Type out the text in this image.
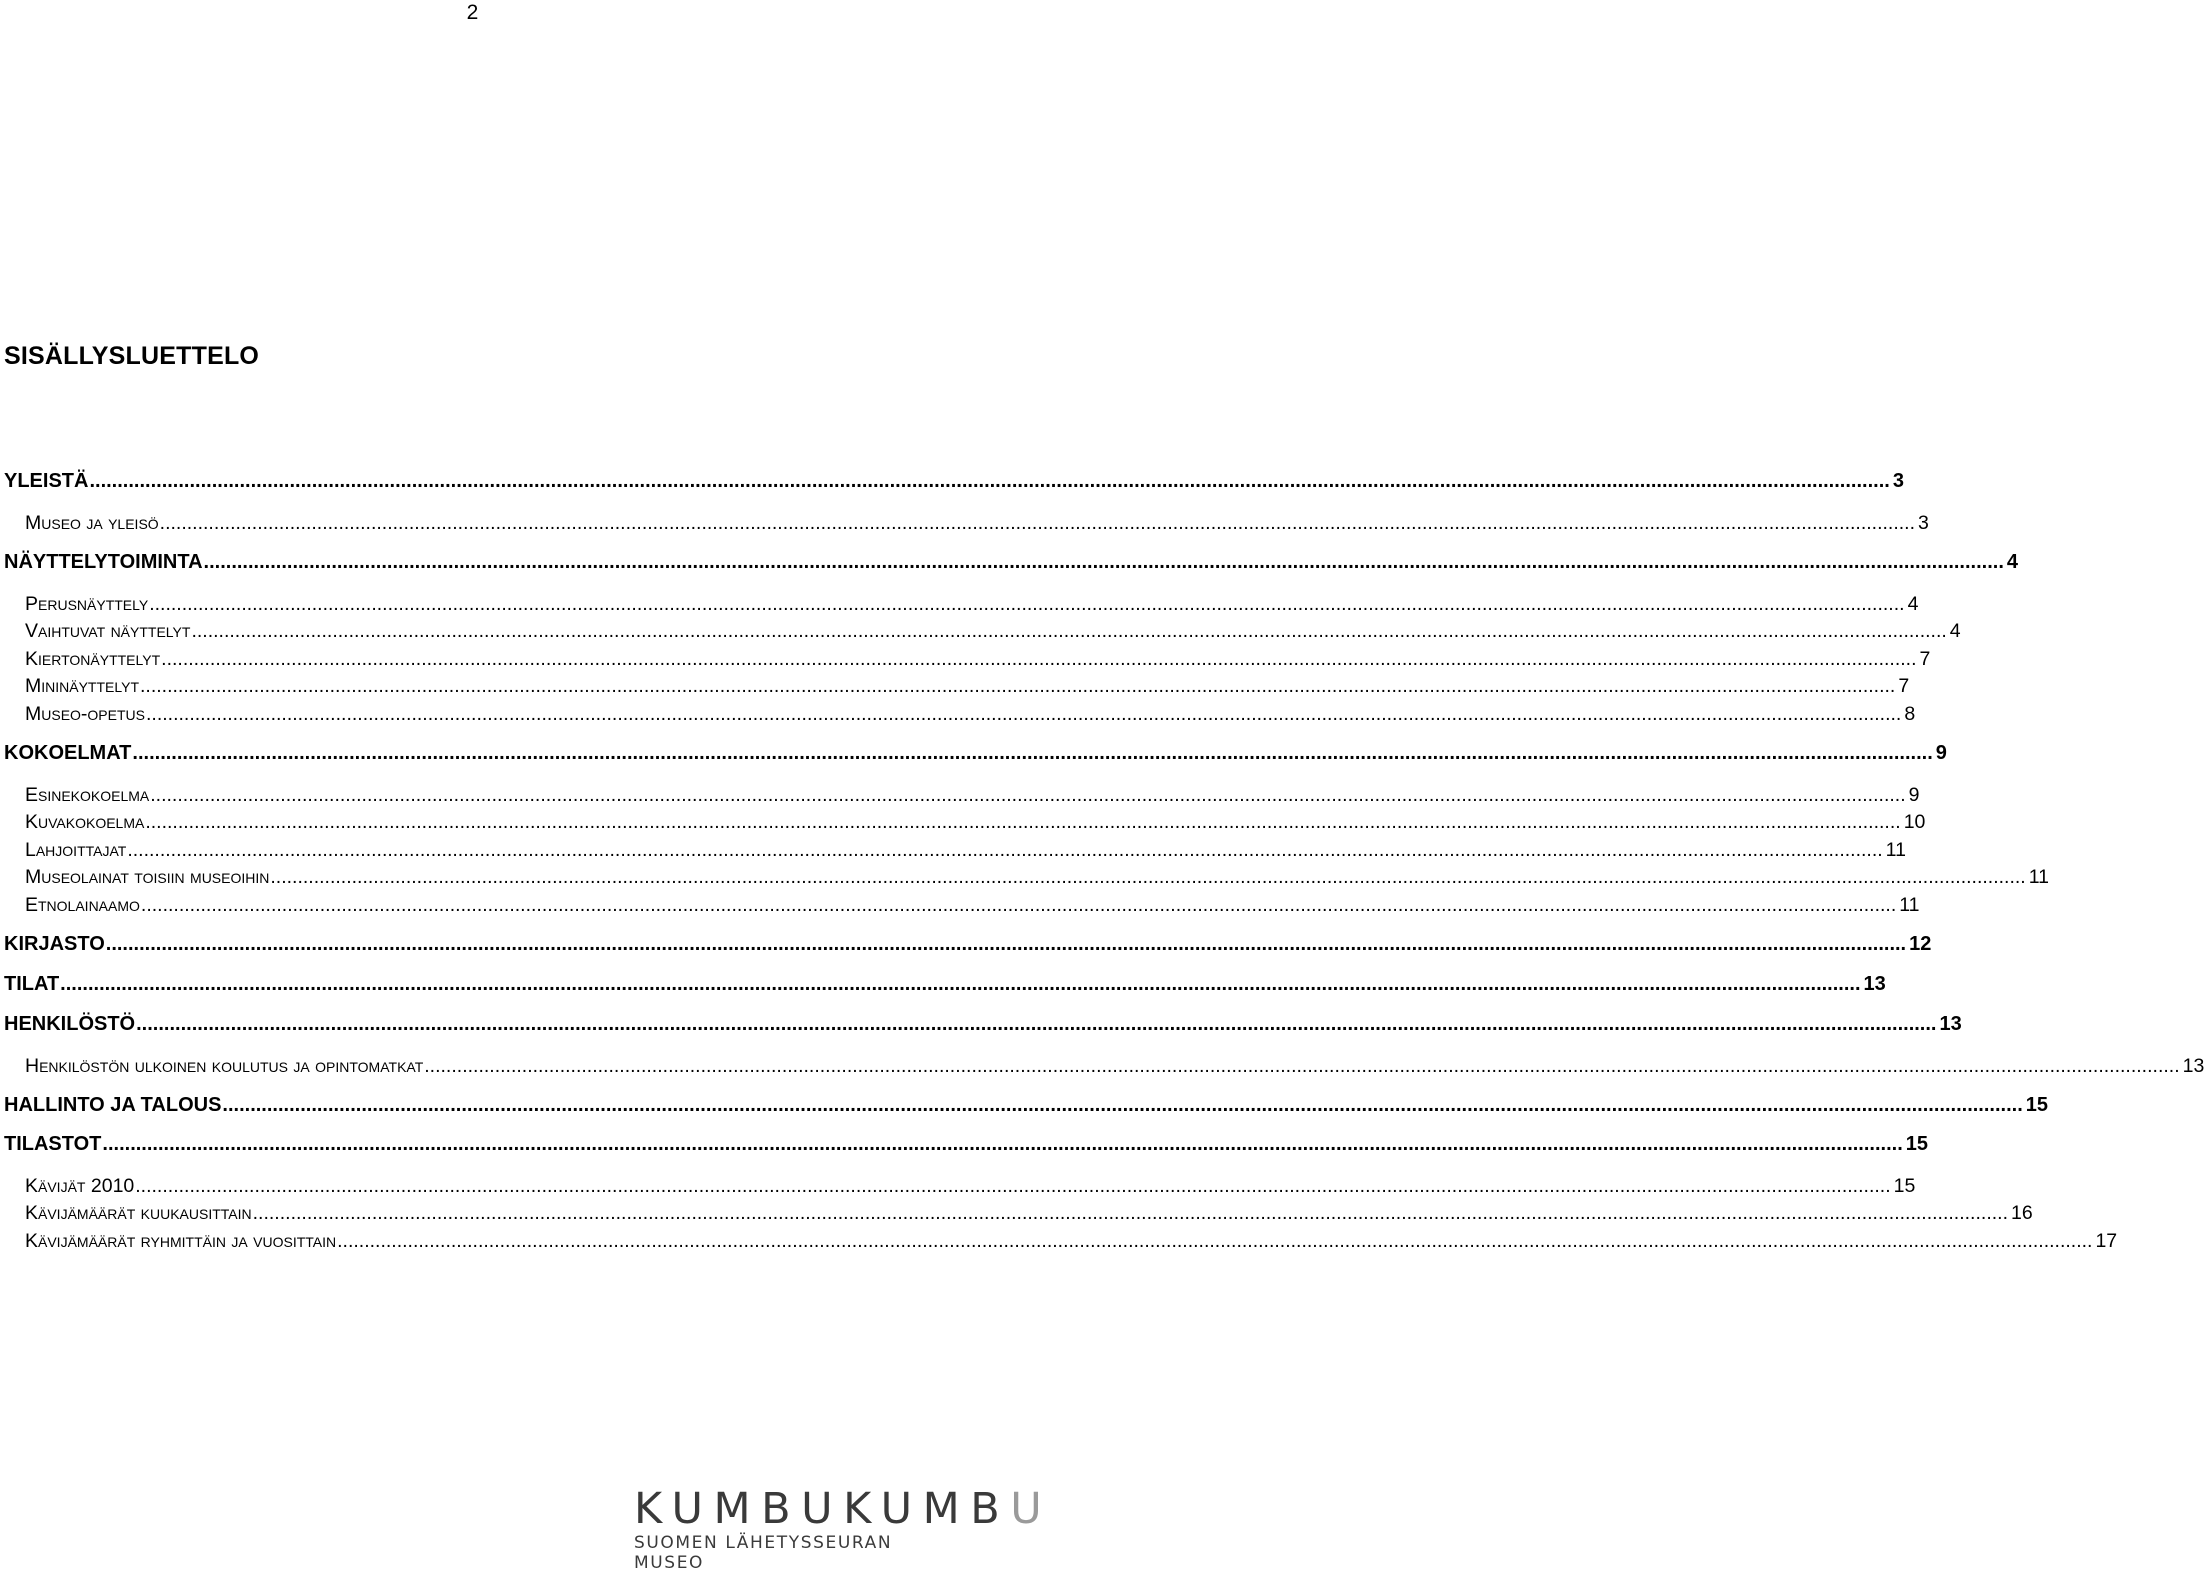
2
SISÄLLYSLUETTELO
YLEISTÄ .....	3
Museo ja yleisö .....	3
NÄYTTELYTOIMINTA .....	4
Perusnäyttely .....	4
Vaihtuvat näyttelyt .....	4
Kiertonäyttelyt .....	7
Mininäyttelyt .....	7
Museo-opetus .....	8
KOKOELMAT .....	9
Esinekokoelma .....	9
Kuvakokoelma .....	10
Lahjoittajat .....	11
Museolainat toisiin museoihin .....	11
Etnolainaamo .....	11
KIRJASTO .....	12
TILAT .....	13
HENKILÖSTÖ .....	13
Henkilöstön ulkoinen koulutus ja opintomatkat .....	13
HALLINTO JA TALOUS .....	15
TILASTOT .....	15
Kävijät 2010 .....	15
Kävijämäärät kuukausittain .....	16
Kävijämäärät ryhmittäin ja vuosittain .....	17
KUMBUKUMBU
SUOMEN LÄHETYSSEURAN MUSEO
